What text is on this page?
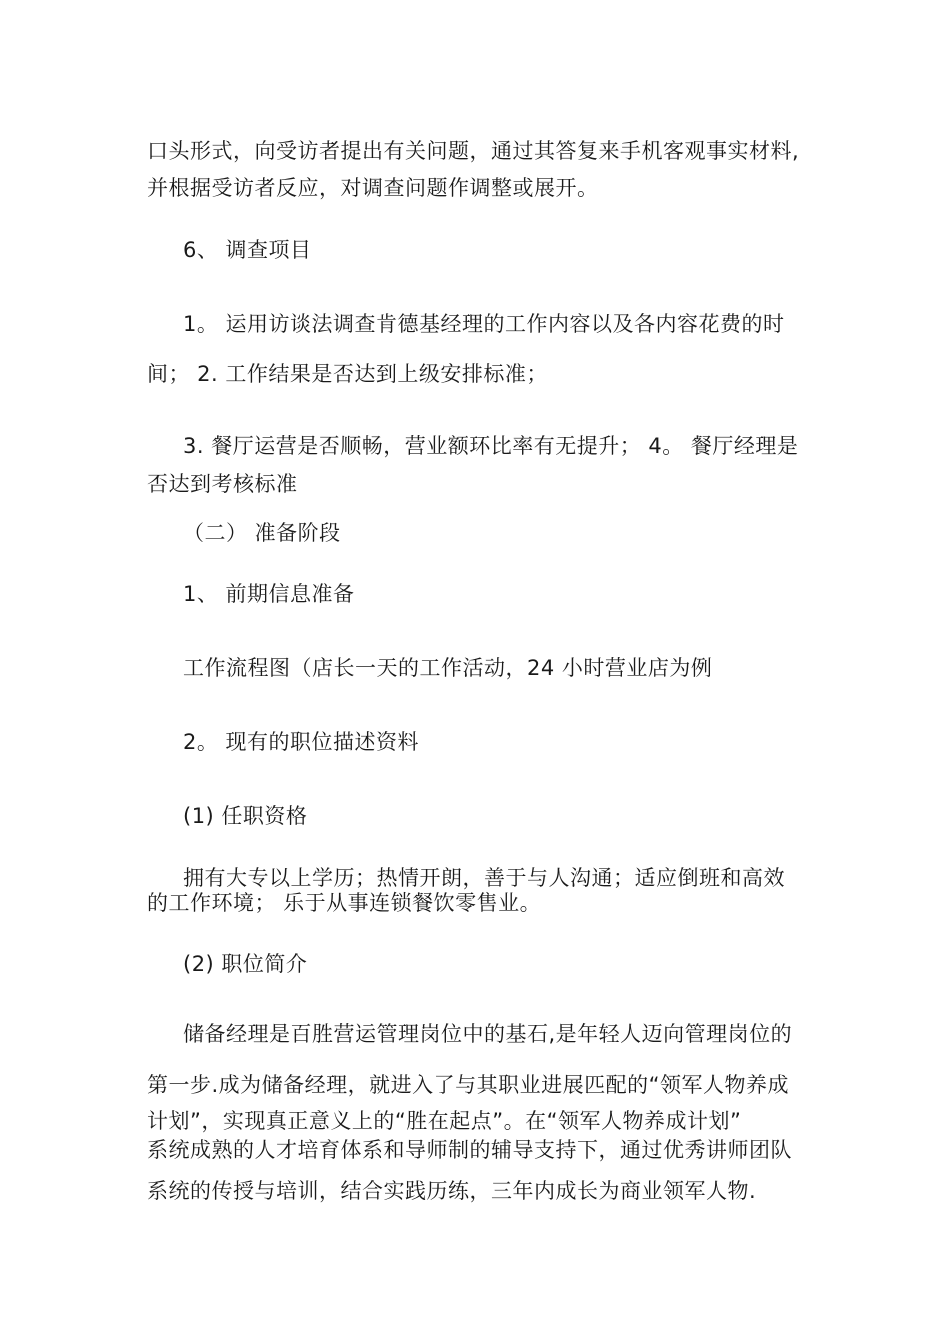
口头形式，向受访者提出有关问题，通过其答复来手机客观事实材料,
并根据受访者反应，对调查问题作调整或展开。
6、 调查项目
1。 运用访谈法调查肯德基经理的工作内容以及各内容花费的时
间； 2. 工作结果是否达到上级安排标准；
3. 餐厅运营是否顺畅，营业额环比率有无提升； 4。 餐厅经理是
否达到考核标准
（二） 准备阶段
1、 前期信息准备
工作流程图（店长一天的工作活动，24 小时营业店为例
2。 现有的职位描述资料
(1) 任职资格
拥有大专以上学历；热情开朗，善于与人沟通；适应倒班和高效
的工作环境； 乐于从事连锁餐饮零售业。
(2) 职位简介
储备经理是百胜营运管理岗位中的基石,是年轻人迈向管理岗位的
第一步.成为储备经理，就进入了与其职业进展匹配的“领军人物养成
计划”，实现真正意义上的“胜在起点”。在“领军人物养成计划”
系统成熟的人才培育体系和导师制的辅导支持下，通过优秀讲师团队
系统的传授与培训，结合实践历练，三年内成长为商业领军人物.
